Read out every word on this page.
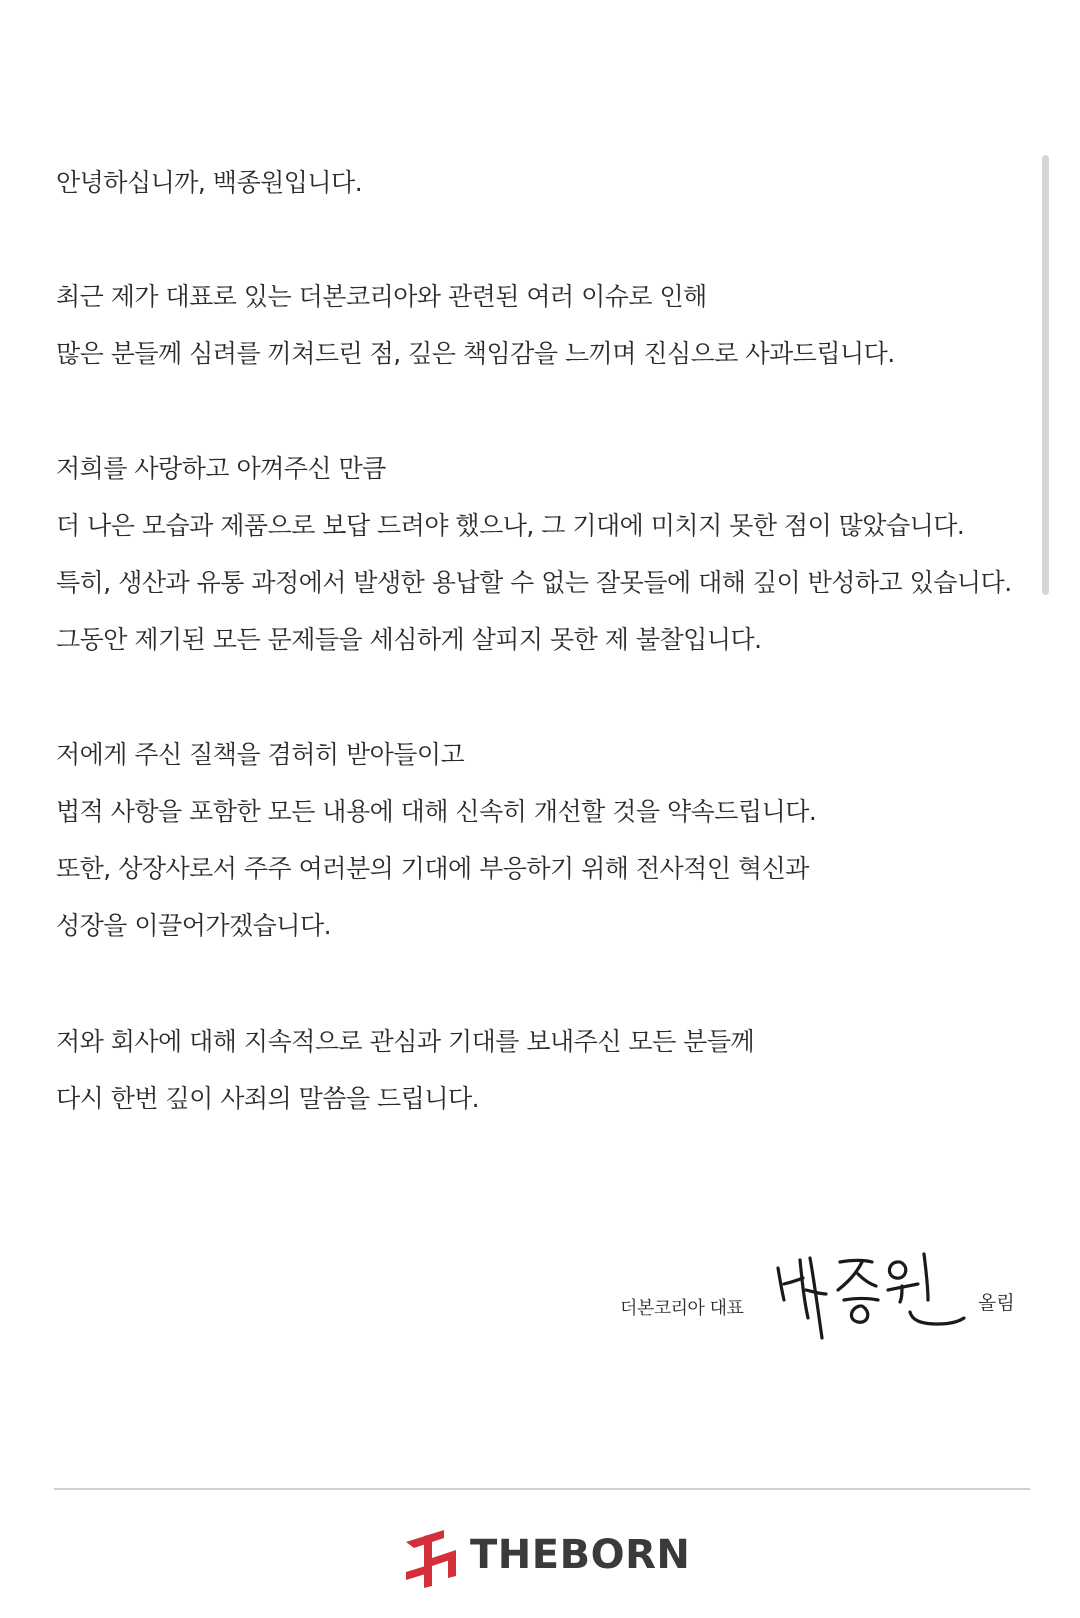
안녕하십니까, 백종원입니다.
최근 제가 대표로 있는 더본코리아와 관련된 여러 이슈로 인해
많은 분들께 심려를 끼쳐드린 점, 깊은 책임감을 느끼며 진심으로 사과드립니다.
저희를 사랑하고 아껴주신 만큼
더 나은 모습과 제품으로 보답 드려야 했으나, 그 기대에 미치지 못한 점이 많았습니다.
특히, 생산과 유통 과정에서 발생한 용납할 수 없는 잘못들에 대해 깊이 반성하고 있습니다.
그동안 제기된 모든 문제들을 세심하게 살피지 못한 제 불찰입니다.
저에게 주신 질책을 겸허히 받아들이고
법적 사항을 포함한 모든 내용에 대해 신속히 개선할 것을 약속드립니다.
또한, 상장사로서 주주 여러분의 기대에 부응하기 위해 전사적인 혁신과
성장을 이끌어가겠습니다.
저와 회사에 대해 지속적으로 관심과 기대를 보내주신 모든 분들께
다시 한번 깊이 사죄의 말씀을 드립니다.
더본코리아 대표	올림
THEBORN
